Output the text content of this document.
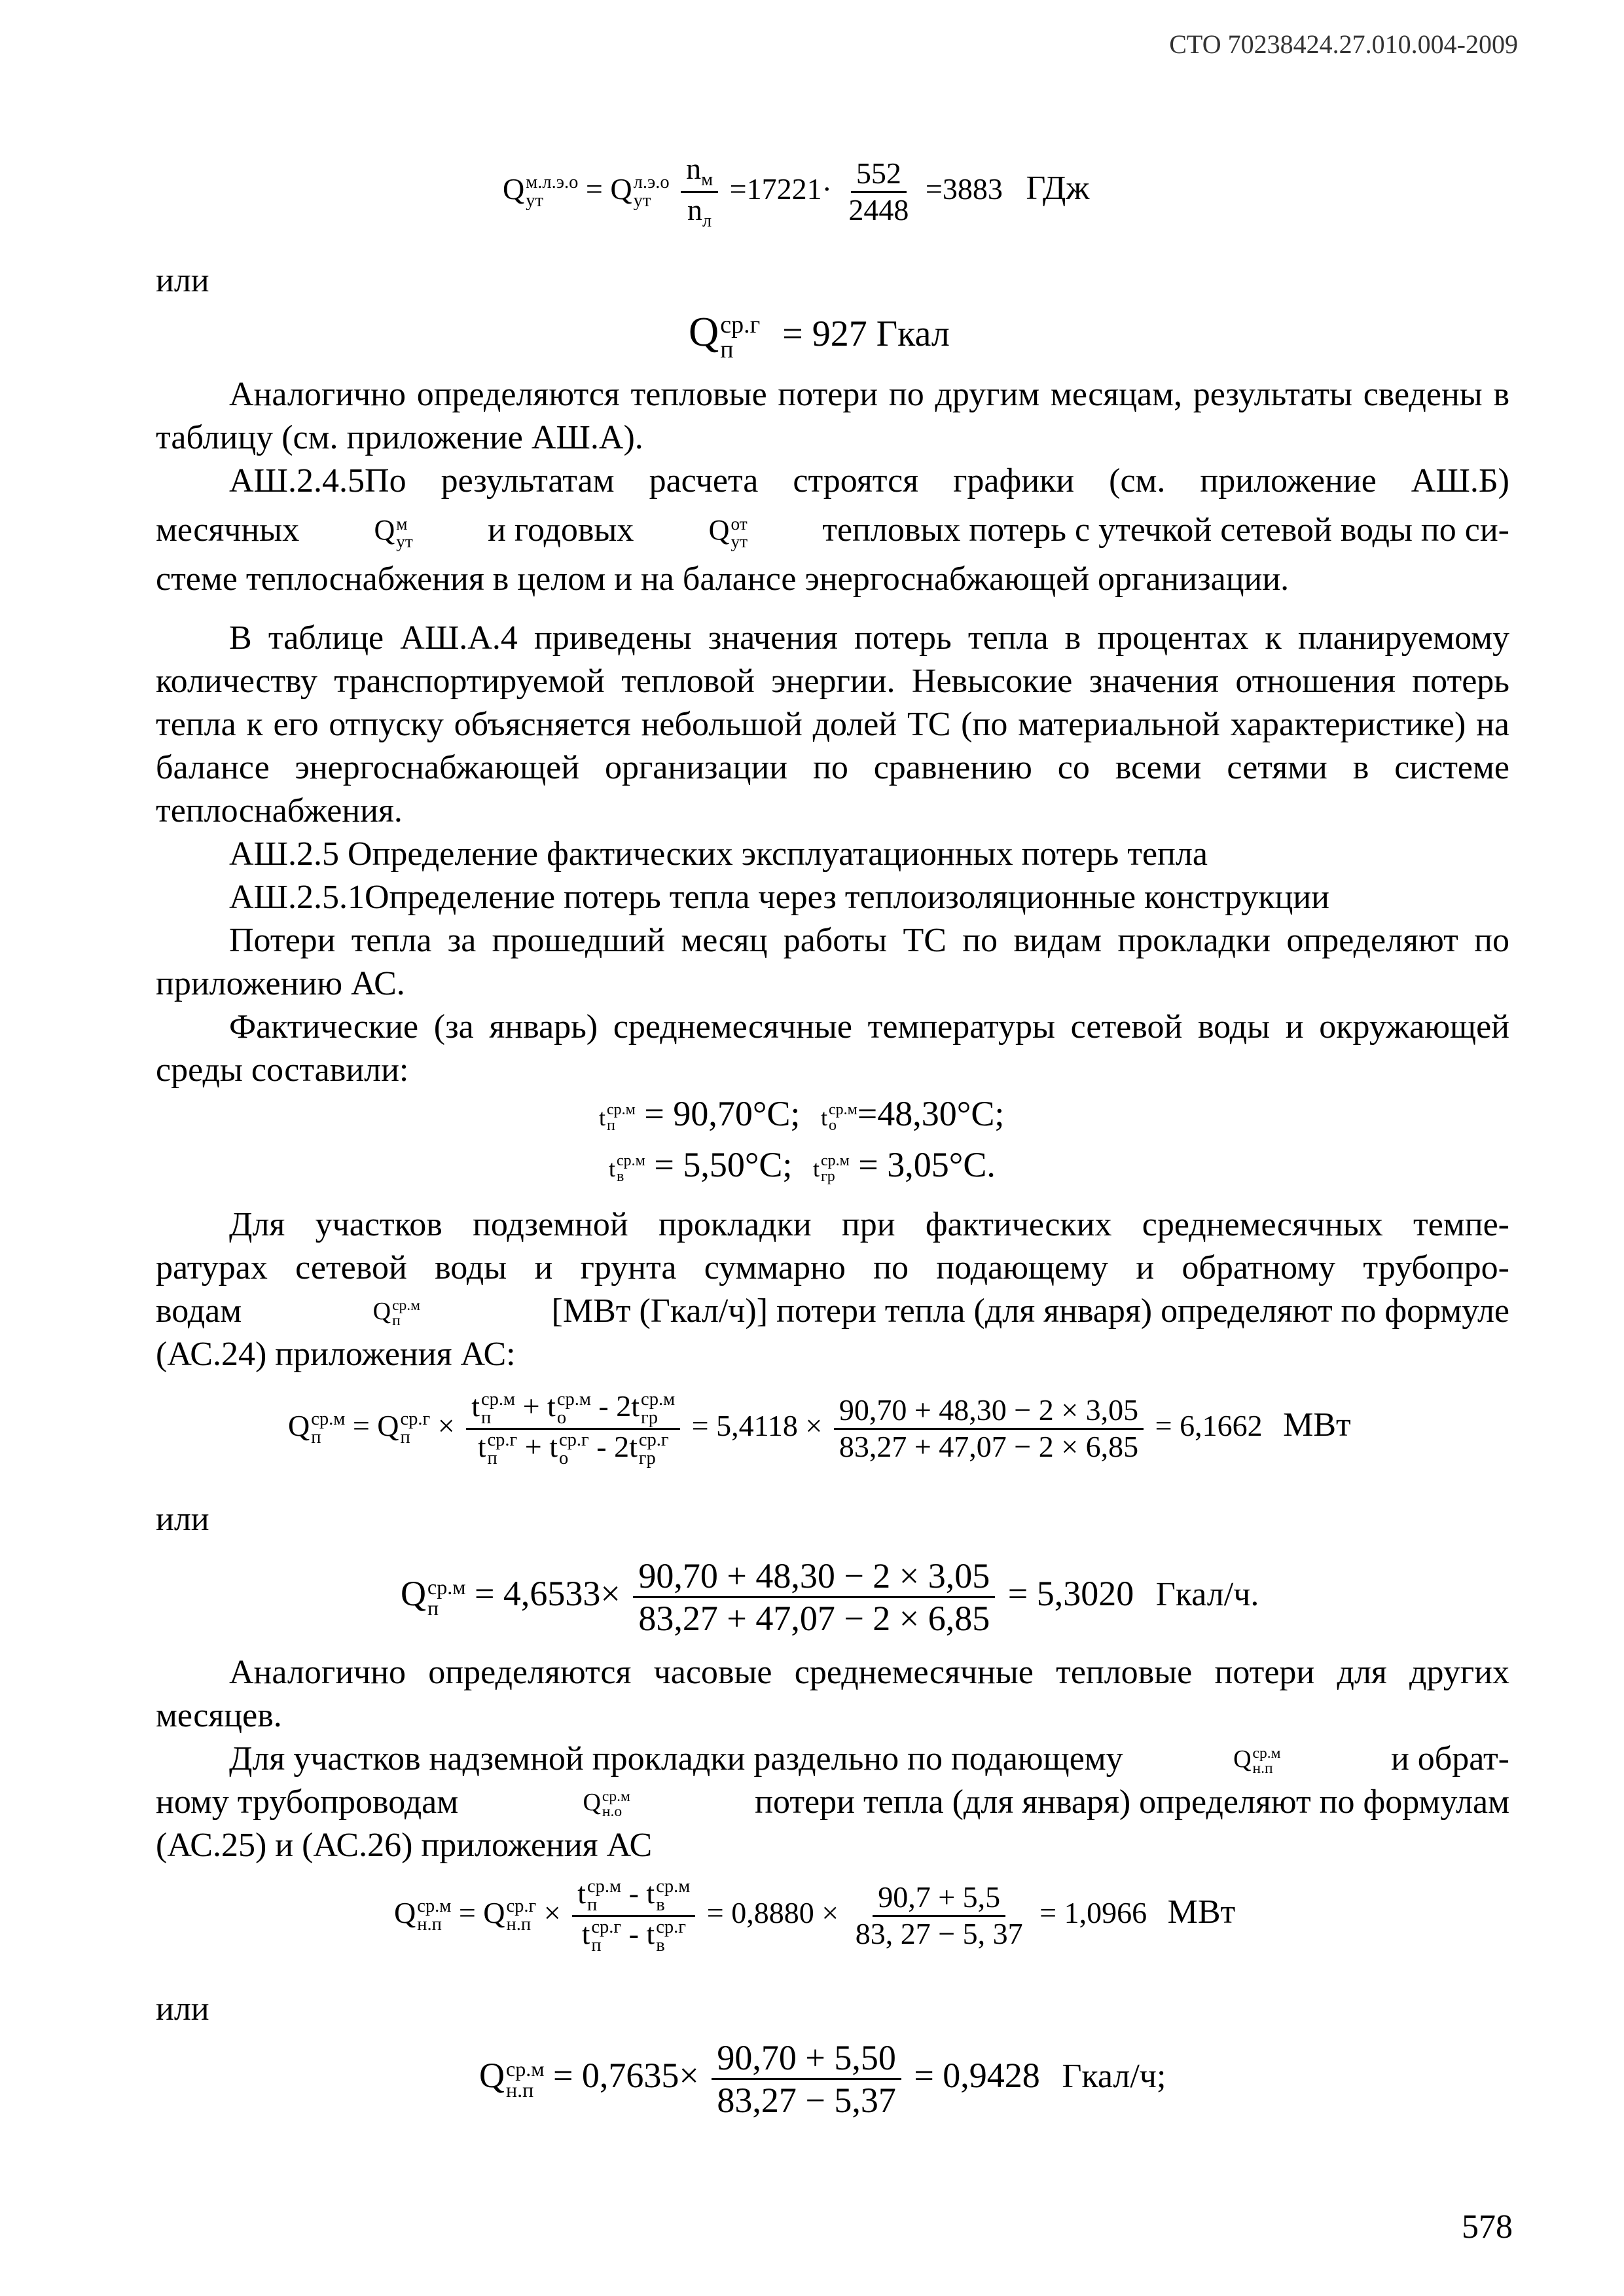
СТО 70238424.27.010.004-2009
Q м.л.э.о
ут	= Q л.э.о
ут
$\frac{n_м}{n_л} =17221\cdot \frac{552}{2448} =3883$ ГДж
или
Q ср.г
п	= 927 Гкал
Аналогично определяются тепловые потери по другим месяцам, результаты сведены в таблицу (см. приложение АШ.А).
АШ.2.4.5По результатам расчета строятся графики (см. приложение АШ.Б)
месячных	Q м
ут и годовых	Q от
ут тепловых потерь с утечкой сетевой воды по си-
стеме теплоснабжения в целом и на балансе энергоснабжающей организации.
В таблице АШ.А.4 приведены значения потерь тепла в процентах к планируемому количеству транспортируемой тепловой энергии. Невысокие значения отношения потерь тепла к его отпуску объясняется небольшой долей ТС (по материальной характеристике) на балансе энергоснабжающей организации по сравнению со всеми сетями в системе теплоснабжения.
АШ.2.5 Определение фактических эксплуатационных потерь тепла
АШ.2.5.1Определение потерь тепла через теплоизоляционные конструкции
Потери тепла за прошедший месяц работы ТС по видам прокладки определяют по приложению АС.
Фактические (за январь) среднемесячные температуры сетевой воды и окружающей среды составили:
t ср.м
п = 90,70°С; t ср.м
о =48,30°С;
t ср.м
в = 5,50°С; t ср.м
гр = 3,05°С.
Для участков подземной прокладки при фактических среднемесячных темпе-
ратурах сетевой воды и грунта суммарно по подающему и обратному трубопро-
водам	Q ср.м
п	[МВт (Гкал/ч)] потери тепла (для января) определяют по формуле
(АС.24) приложения АС:
Q ср.м
п	= Q ср.г
п × t ср.м
п + t ср.м
о - 2t ср.м
гр
t ср.г
п + t ср.г
о - 2t ср.г
гр = $5,4118 \times \frac{90,70 + 48,30 - 2 \times 3,05}{83,27 + 47,07 - 2 \times 6,85} = 6,1662$ МВт
или
Q ср.м
п	= $4,6533\times \frac{90,70 + 48,30 - 2 \times 3,05}{83,27 + 47,07 - 2 \times 6,85} = 5,3020$ Гкал/ч.
Аналогично определяются часовые среднемесячные тепловые потери для других месяцев.
Для участков надземной прокладки раздельно по подающему	Q ср.м
н.п	и обрат-
ному трубопроводам	Q ср.м
н.о	потери тепла (для января) определяют по формулам
(АС.25) и (АС.26) приложения АС
Q ср.м
н.п = Q ср.г
н.п × t ср.м
п - t ср.м
в
t ср.г
п - t ср.г
$в = 0,8880 \times \frac{90,7 + 5,5}{83, 27 - 5, 37} = 1,0966$ МВт
или
Q ср.м
$н.п = 0,7635\times \frac{90,70 + 5,50}{83,27 - 5,37} = 0,9428$ Гкал/ч;
578
